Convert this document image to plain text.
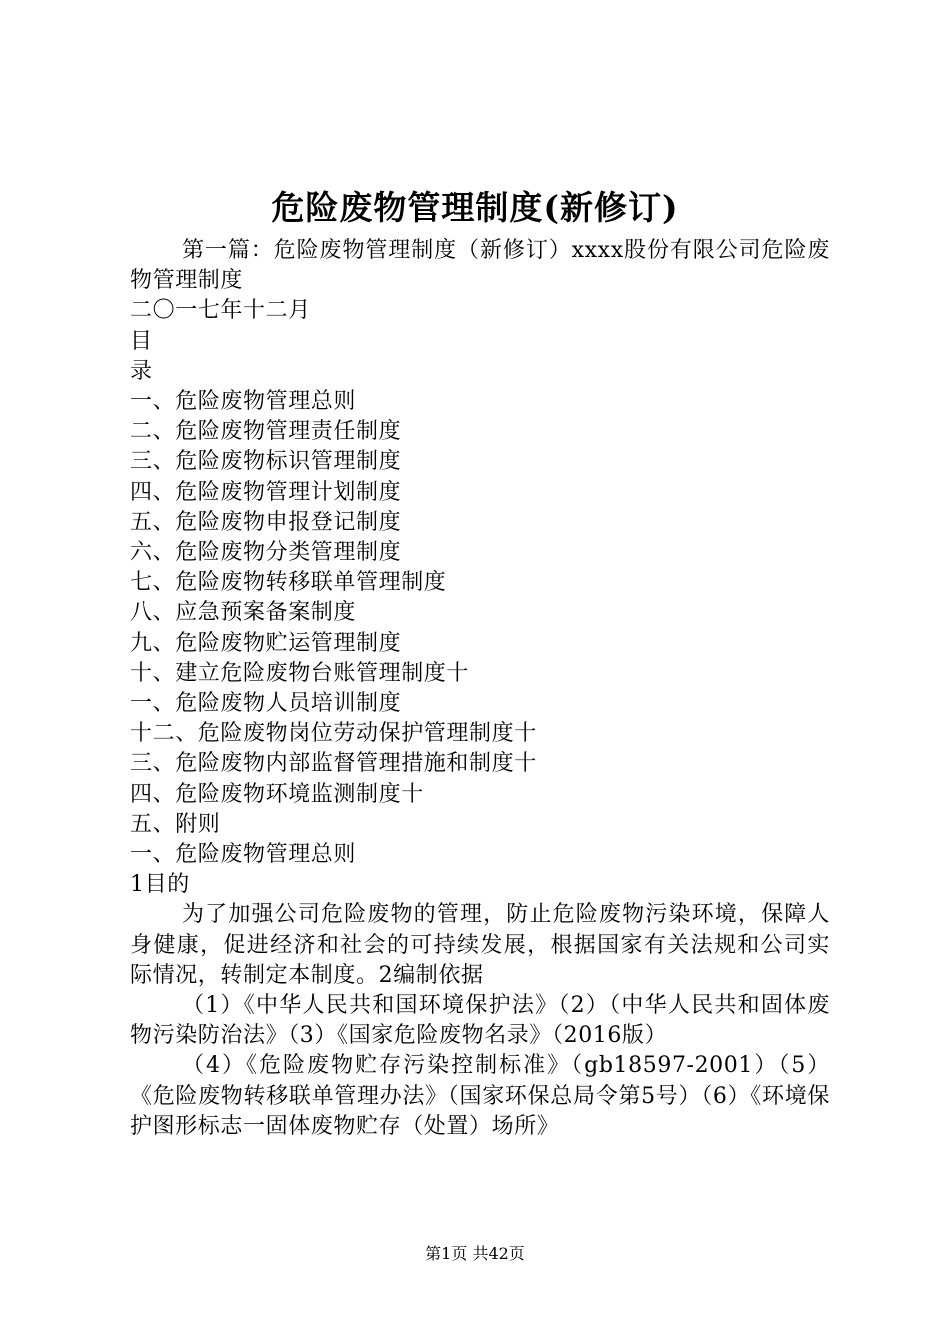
危险废物管理制度(新修订)

第一篇：危险废物管理制度（新修订）xxxx股份有限公司危险废物管理制度

二〇一七年十二月

目

录

一、危险废物管理总则

二、危险废物管理责任制度

三、危险废物标识管理制度

四、危险废物管理计划制度

五、危险废物申报登记制度

六、危险废物分类管理制度

七、危险废物转移联单管理制度

八、应急预案备案制度

九、危险废物贮运管理制度

十、建立危险废物台账管理制度十

一、危险废物人员培训制度

十二、危险废物岗位劳动保护管理制度十

三、危险废物内部监督管理措施和制度十

四、危险废物环境监测制度十

五、附则

一、危险废物管理总则

1目的

为了加强公司危险废物的管理，防止危险废物污染环境，保障人身健康，促进经济和社会的可持续发展，根据国家有关法规和公司实际情况，转制定本制度。2编制依据

（1）《中华人民共和国环境保护法》（2）（中华人民共和固体废物污染防治法》（3）《国家危险废物名录》（2016版）

（4）《危险废物贮存污染控制标准》（gb18597-2001）（5）《危险废物转移联单管理办法》（国家环保总局令第5号）（6）《环境保护图形标志一固体废物贮存（处置）场所》

第1页 共42页
